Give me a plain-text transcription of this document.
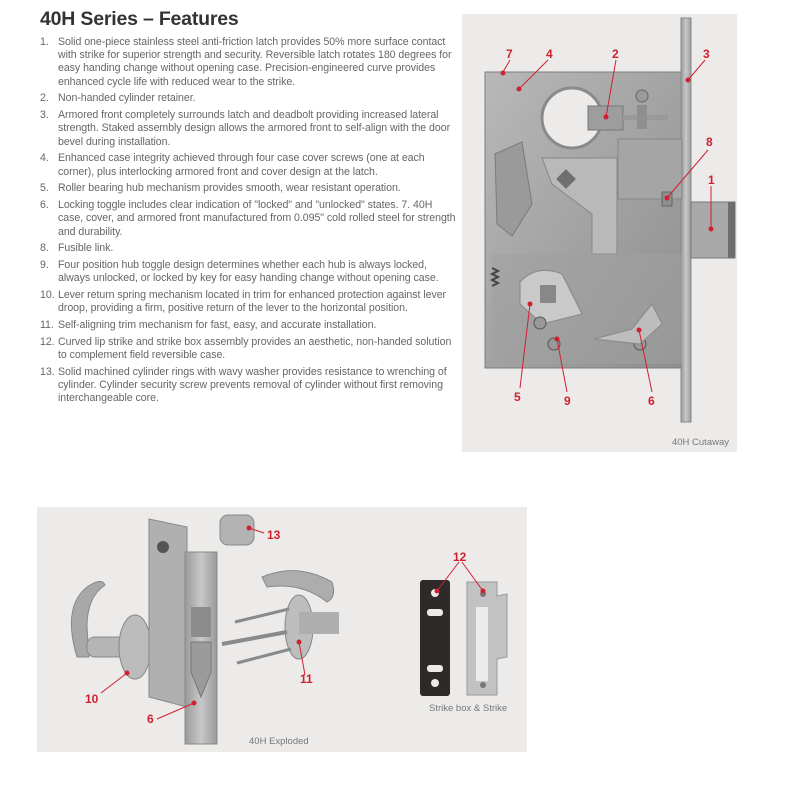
40H Series – Features
1. Solid one-piece stainless steel anti-friction latch provides 50% more surface contact with strike for superior strength and security. Reversible latch rotates 180 degrees for easy handing change without opening case. Precision-engineered curve provides enhanced cycle life with reduced wear to the strike.
2. Non-handed cylinder retainer.
3. Armored front completely surrounds latch and deadbolt providing increased lateral strength. Staked assembly design allows the armored front to self-align with the door bevel during installation.
4. Enhanced case integrity achieved through four case cover screws (one at each corner), plus interlocking armored front and cover design at the latch.
5. Roller bearing hub mechanism provides smooth, wear resistant operation.
6. Locking toggle includes clear indication of "locked" and "unlocked" states. 7. 40H case, cover, and armored front manufactured from 0.095" cold rolled steel for strength and durability.
8. Fusible link.
9. Four position hub toggle design determines whether each hub is always locked, always unlocked, or locked by key for easy handing change without opening case.
10. Lever return spring mechanism located in trim for enhanced protection against lever droop, providing a firm, positive return of the lever to the horizontal position.
11. Self-aligning trim mechanism for fast, easy, and accurate installation.
12. Curved lip strike and strike box assembly provides an aesthetic, non-handed solution to complement field reversible case.
13. Solid machined cylinder rings with wavy washer provides resistance to wrenching of cylinder. Cylinder security screw prevents removal of cylinder without first removing interchangeable core.
7	4	2	3
8
1
5	9	6
40H Cutaway
13
11
10
6
12
40H Exploded
Strike box & Strike
